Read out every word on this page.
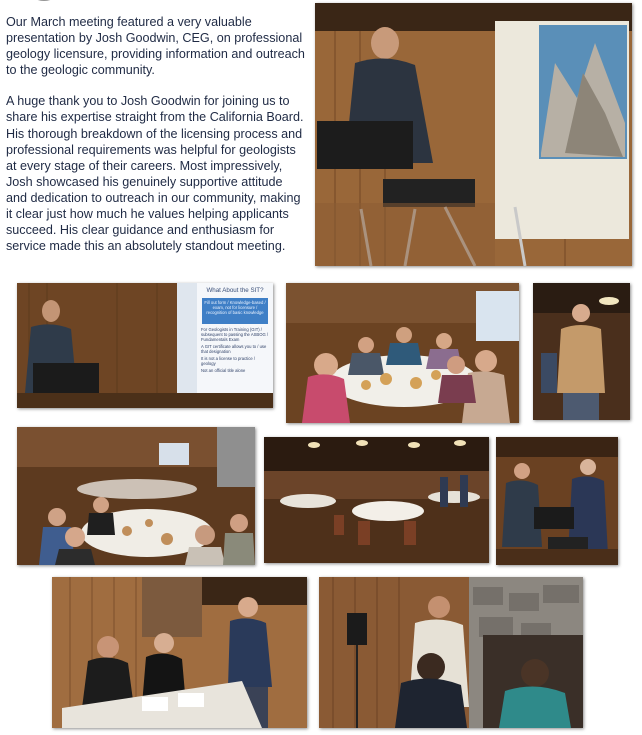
Our March meeting featured a very valuable presentation by Josh Goodwin, CEG, on professional geology licensure, providing information and outreach to the geologic community.

A huge thank you to Josh Goodwin for joining us to share his expertise straight from the California Board. His thorough breakdown of the licensing process and professional requirements was helpful for geologists at every stage of their careers. Most impressively, Josh showcased his genuinely supportive attitude and dedication to outreach in our community, making it clear just how much he values helping applicants succeed. His clear guidance and enthusiasm for service made this an absolutely standout meeting.

What About the SIT?
Fill out form / Knowledge-based / exam, not for licensure / recognition of basic knowledge
For Geologists in Training (GIT) / subsequent to passing the ASBOG / Fundamentals Exam
A GIT certificate allows you to / use that designation
It is not a license to practice / geology
Not an official title alone
